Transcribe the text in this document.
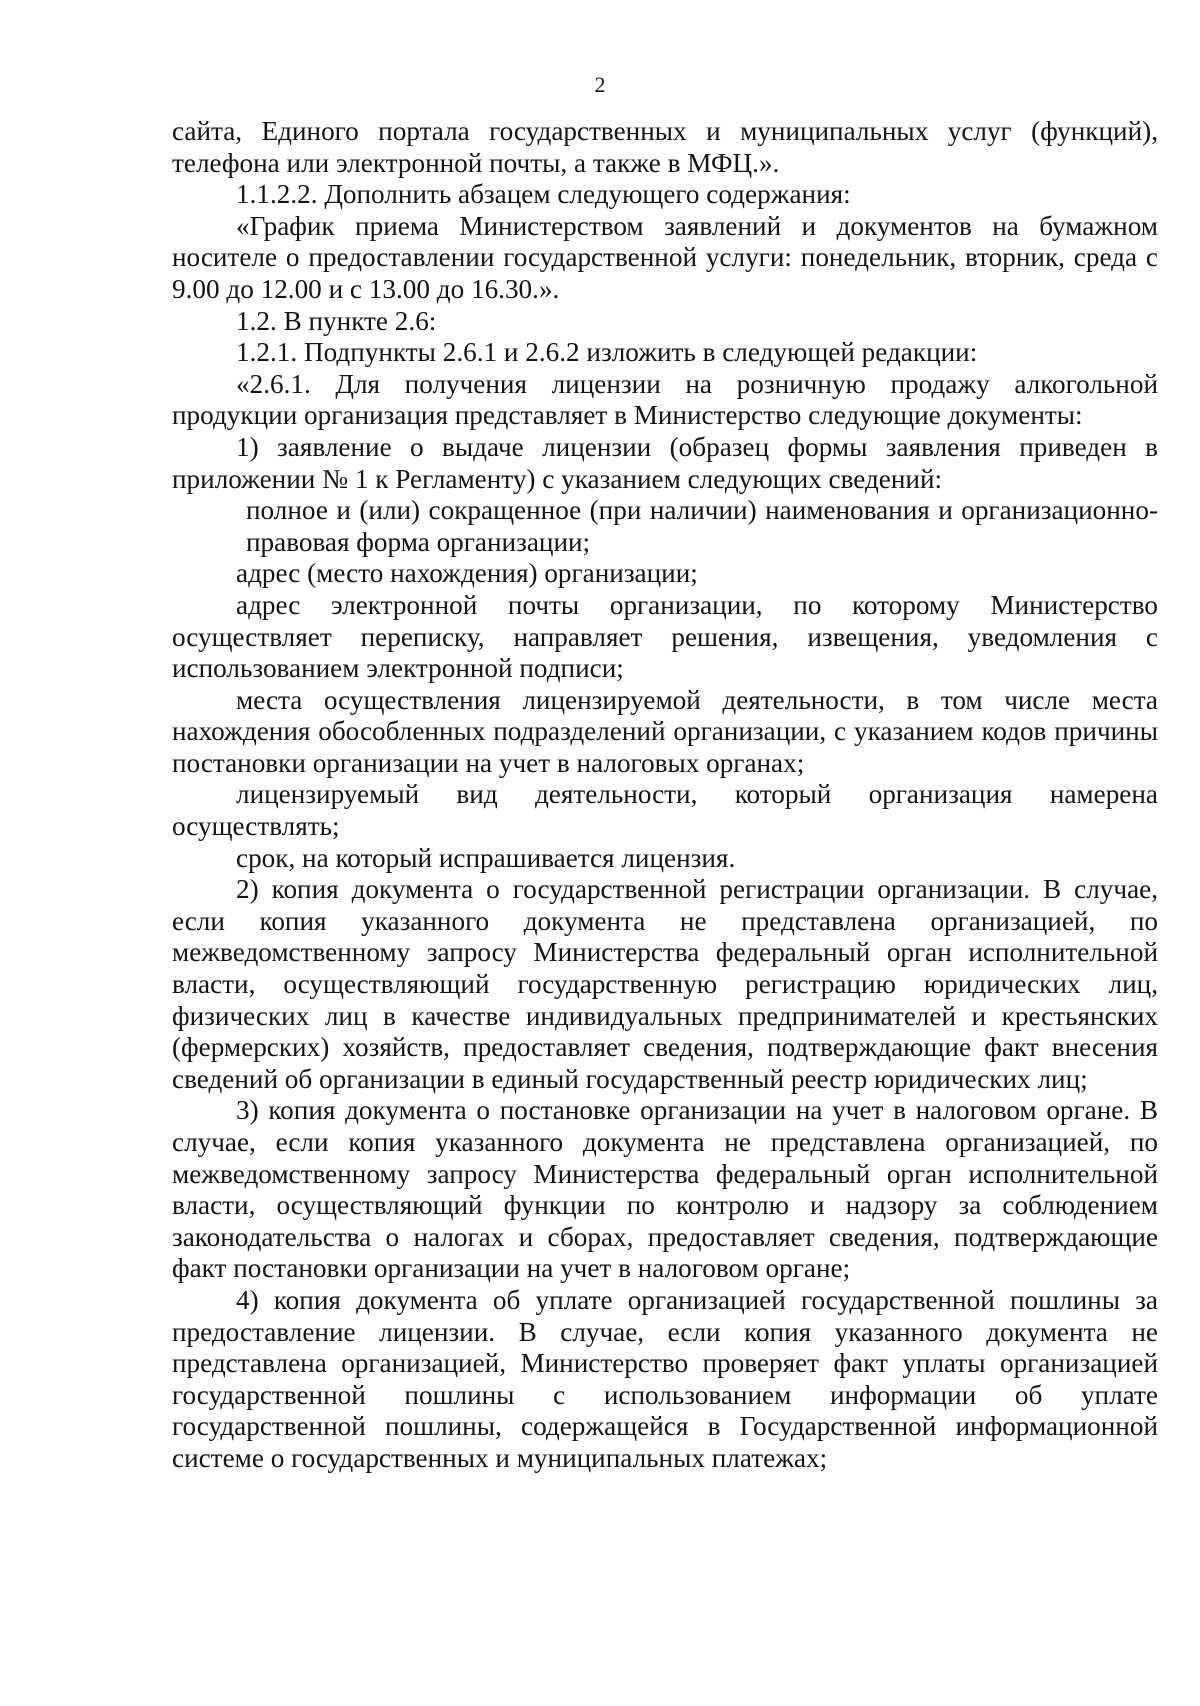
2

сайта, Единого портала государственных и муниципальных услуг (функций), телефона или электронной почты, а также в МФЦ.».

1.1.2.2. Дополнить абзацем следующего содержания:

«График приема Министерством заявлений и документов на бумажном носителе о предоставлении государственной услуги: понедельник, вторник, среда с 9.00 до 12.00 и с 13.00 до 16.30.».

1.2. В пункте 2.6:

1.2.1. Подпункты 2.6.1 и 2.6.2 изложить в следующей редакции:

«2.6.1. Для получения лицензии на розничную продажу алкогольной продукции организация представляет в Министерство следующие документы:

1) заявление о выдаче лицензии (образец формы заявления приведен в приложении № 1 к Регламенту) с указанием следующих сведений:

полное и (или) сокращенное (при наличии) наименования и организационно-правовая форма организации;

адрес (место нахождения) организации;

адрес электронной почты организации, по которому Министерство осуществляет переписку, направляет решения, извещения, уведомления с использованием электронной подписи;

места осуществления лицензируемой деятельности, в том числе места нахождения обособленных подразделений организации, с указанием кодов причины постановки организации на учет в налоговых органах;

лицензируемый вид деятельности, который организация намерена осуществлять;

срок, на который испрашивается лицензия.

2) копия документа о государственной регистрации организации. В случае, если копия указанного документа не представлена организацией, по межведомственному запросу Министерства федеральный орган исполнительной власти, осуществляющий государственную регистрацию юридических лиц, физических лиц в качестве индивидуальных предпринимателей и крестьянских (фермерских) хозяйств, предоставляет сведения, подтверждающие факт внесения сведений об организации в единый государственный реестр юридических лиц;

3) копия документа о постановке организации на учет в налоговом органе. В случае, если копия указанного документа не представлена организацией, по межведомственному запросу Министерства федеральный орган исполнительной власти, осуществляющий функции по контролю и надзору за соблюдением законодательства о налогах и сборах, предоставляет сведения, подтверждающие факт постановки организации на учет в налоговом органе;

4) копия документа об уплате организацией государственной пошлины за предоставление лицензии. В случае, если копия указанного документа не представлена организацией, Министерство проверяет факт уплаты организацией государственной пошлины с использованием информации об уплате государственной пошлины, содержащейся в Государственной информационной системе о государственных и муниципальных платежах;
